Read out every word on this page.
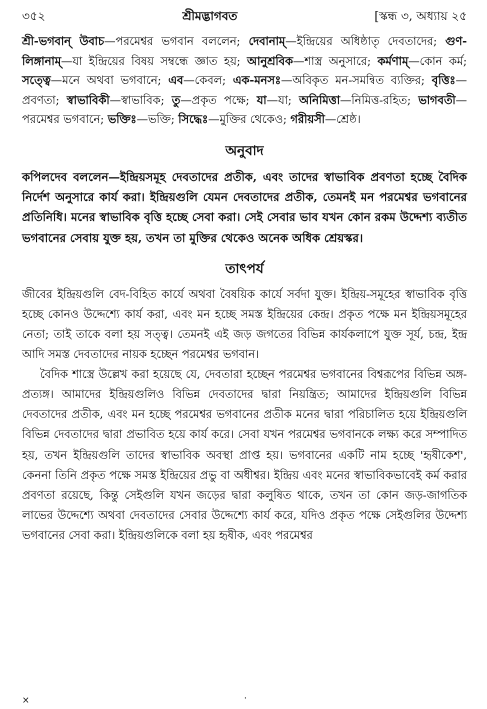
৩৫২	শ্রীমদ্ভাগবত	[স্কন্ধ ৩, অধ্যায় ২৫
শ্রী-ভগবান্ উবাচ—পরমেশ্বর ভগবান বললেন; দেবানাম্—ইন্দ্রিয়ের অধিষ্ঠাতৃ দেবতাদের; গুণ-লিঙ্গানাম্—যা ইন্দ্রিয়ের বিষয় সম্বন্ধে জ্ঞাত হয়; আনুশ্রবিক—শাস্ত্র অনুসারে; কর্মণাম্—কোন কর্ম; সত্ত্বে—মনে অথবা ভগবানে; এব—কেবল; এক-মনসঃ—অবিকৃত মন-সমন্বিত ব্যক্তির; বৃত্তিঃ—প্রবণতা; স্বাভাবিকী—স্বাভাবিক; তু—প্রকৃত পক্ষে; যা—যা; অনিমিত্তা—নিমিত্ত-রহিত; ভাগবতী—পরমেশ্বর ভগবানে; ভক্তিঃ—ভক্তি; সিদ্ধেঃ—মুক্তির থেকেও; গরীয়সী—শ্রেষ্ঠ।
অনুবাদ
কপিলদেব বললেন—ইন্দ্রিয়সমূহ দেবতাদের প্রতীক, এবং তাদের স্বাভাবিক প্রবণতা হচ্ছে বৈদিক নির্দেশ অনুসারে কার্য করা। ইন্দ্রিয়গুলি যেমন দেবতাদের প্রতীক, তেমনই মন পরমেশ্বর ভগবানের প্রতিনিধি। মনের স্বাভাবিক বৃত্তি হচ্ছে সেবা করা। সেই সেবার ভাব যখন কোন রকম উদ্দেশ্য ব্যতীত ভগবানের সেবায় যুক্ত হয়, তখন তা মুক্তির থেকেও অনেক অধিক শ্রেয়স্কর।
তাৎপর্য

জীবের ইন্দ্রিয়গুলি বেদ-বিহিত কার্যে অথবা বৈষয়িক কার্যে সর্বদা যুক্ত। ইন্দ্রিয়-সমূহের স্বাভাবিক বৃত্তি হচ্ছে কোনও উদ্দেশ্যে কার্য করা, এবং মন হচ্ছে সমস্ত ইন্দ্রিয়ের কেন্দ্র। প্রকৃত পক্ষে মন ইন্দ্রিয়সমূহের নেতা; তাই তাকে বলা হয় সত্ত্ব। তেমনই এই জড় জগতের বিভিন্ন কার্যকলাপে যুক্ত সূর্য, চন্দ্র, ইন্দ্র আদি সমস্ত দেবতাদের নায়ক হচ্ছেন পরমেশ্বর ভগবান।

বৈদিক শাস্ত্রে উল্লেখ করা হয়েছে যে, দেবতারা হচ্ছেন পরমেশ্বর ভগবানের বিশ্বরূপের বিভিন্ন অঙ্গ-প্রত্যঙ্গ। আমাদের ইন্দ্রিয়গুলিও বিভিন্ন দেবতাদের দ্বারা নিয়ন্ত্রিত; আমাদের ইন্দ্রিয়গুলি বিভিন্ন দেবতাদের প্রতীক, এবং মন হচ্ছে পরমেশ্বর ভগবানের প্রতীক মনের দ্বারা পরিচালিত হয়ে ইন্দ্রিয়গুলি বিভিন্ন দেবতাদের দ্বারা প্রভাবিত হয়ে কার্য করে। সেবা যখন পরমেশ্বর ভগবানকে লক্ষ্য করে সম্পাদিত হয়, তখন ইন্দ্রিয়গুলি তাদের স্বাভাবিক অবস্থা প্রাপ্ত হয়। ভগবানের একটি নাম হচ্ছে 'হৃষীকেশ', কেননা তিনি প্রকৃত পক্ষে সমস্ত ইন্দ্রিয়ের প্রভু বা অধীশ্বর। ইন্দ্রিয় এবং মনের স্বাভাবিকভাবেই কর্ম করার প্রবণতা রয়েছে, কিন্তু সেইগুলি যখন জড়ের দ্বারা কলুষিত থাকে, তখন তা কোন জড়-জাগতিক লাভের উদ্দেশ্যে অথবা দেবতাদের সেবার উদ্দেশ্যে কার্য করে, যদিও প্রকৃত পক্ষে সেইগুলির উদ্দেশ্য ভগবানের সেবা করা। ইন্দ্রিয়গুলিকে বলা হয় হৃষীক, এবং পরমেশ্বর

×	·
